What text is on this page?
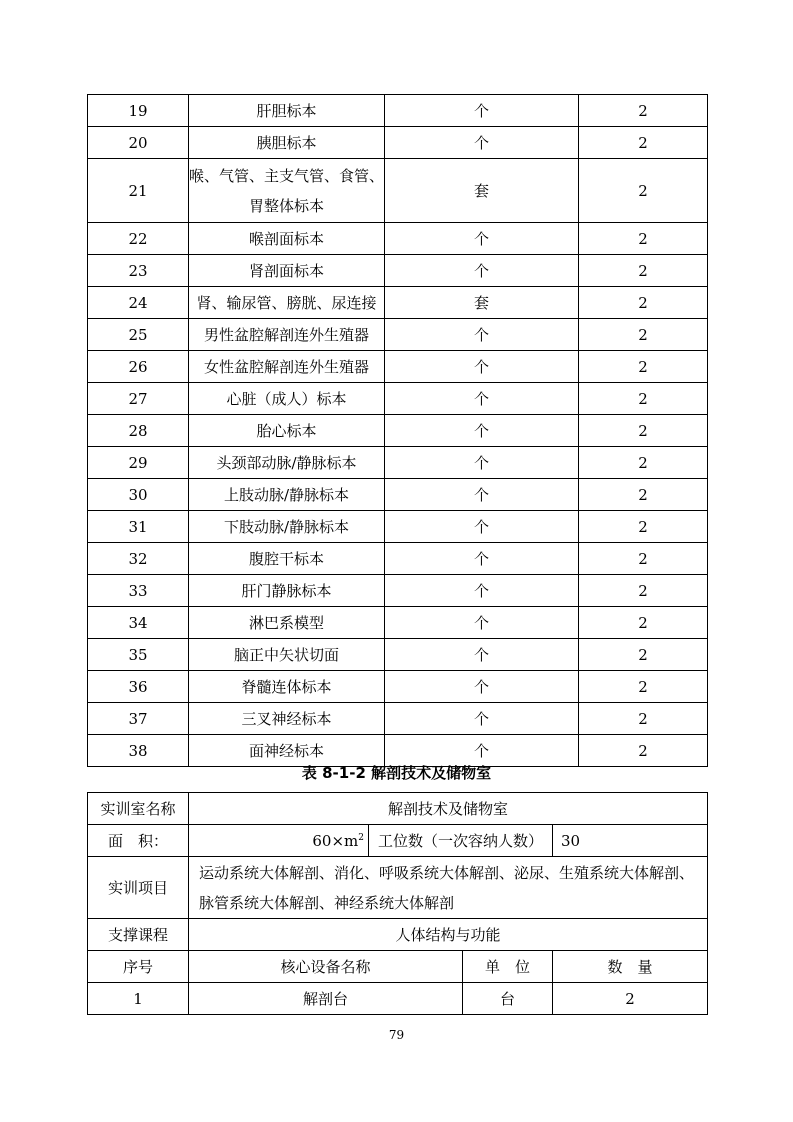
19	肝胆标本	个	2
20	胰胆标本	个	2
21	喉、气管、主支气管、食管、
胃整体标本	套	2
22	喉剖面标本	个	2
23	肾剖面标本	个	2
24	肾、输尿管、膀胱、尿连接	套	2
25	男性盆腔解剖连外生殖器	个	2
26	女性盆腔解剖连外生殖器	个	2
27	心脏（成人）标本	个	2
28	胎心标本	个	2
29	头颈部动脉/静脉标本	个	2
30	上肢动脉/静脉标本	个	2
31	下肢动脉/静脉标本	个	2
32	腹腔干标本	个	2
33	肝门静脉标本	个	2
34	淋巴系模型	个	2
35	脑正中矢状切面	个	2
36	脊髓连体标本	个	2
37	三叉神经标本	个	2
38	面神经标本	个	2
表 8-1-2 解剖技术及储物室
实训室名称	解剖技术及储物室			
面　积：	$60\times m^2$	工位数（一次容纳人数）		30
实训项目	运动系统大体解剖、消化、呼吸系统大体解剖、泌尿、生殖系统大体解剖、脉管系统大体解剖、神经系统大体解剖			
支撑课程	人体结构与功能			
序号	核心设备名称		单　位	数　量
1	解剖台		台	2
79
